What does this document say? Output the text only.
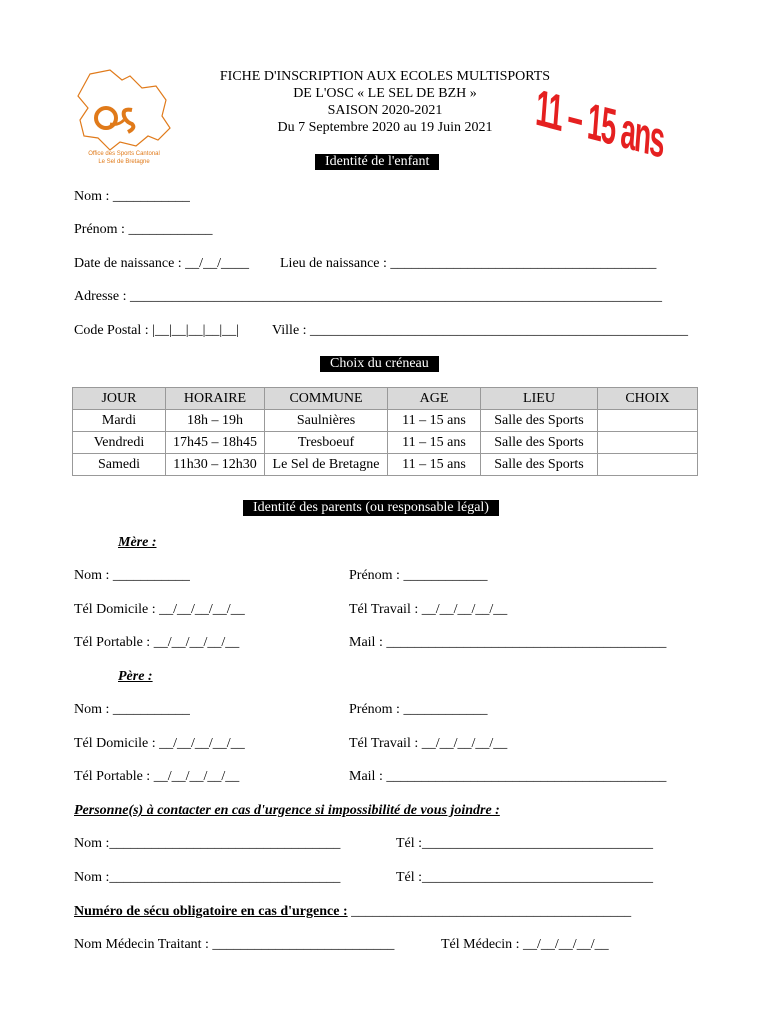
Office des Sports Cantonal
Le Sel de Bretagne
FICHE D'INSCRIPTION AUX ECOLES MULTISPORTS
DE L'OSC « LE SEL DE BZH »
SAISON 2020-2021
Du 7 Septembre 2020 au 19 Juin 2021	11 – 15 ans
Identité de l'enfant
Nom : ___________
Prénom : ____________
Date de naissance : __/__/____ Lieu de naissance : ______________________________________
Adresse : ____________________________________________________________________________
Code Postal : |__|__|__|__|__| Ville : ______________________________________________________
Choix du créneau
JOUR	HORAIRE	COMMUNE	AGE	LIEU	CHOIX
Mardi	18h – 19h	Saulnières	11 – 15 ans	Salle des Sports	
Vendredi	17h45 – 18h45	Tresboeuf	11 – 15 ans	Salle des Sports	
Samedi	11h30 – 12h30	Le Sel de Bretagne	11 – 15 ans	Salle des Sports	
Identité des parents (ou responsable légal)
Mère :
Nom : ___________	Prénom : ____________
Tél Domicile : __/__/__/__/__	Tél Travail : __/__/__/__/__
Tél Portable : __/__/__/__/__	Mail : ________________________________________
Père :
Nom : ___________	Prénom : ____________
Tél Domicile : __/__/__/__/__	Tél Travail : __/__/__/__/__
Tél Portable : __/__/__/__/__	Mail : ________________________________________
Personne(s) à contacter en cas d'urgence si impossibilité de vous joindre :
Nom :_________________________________	Tél :_________________________________
Nom :_________________________________	Tél :_________________________________
Numéro de sécu obligatoire en cas d'urgence : ________________________________________
Nom Médecin Traitant : __________________________	Tél Médecin : __/__/__/__/__
